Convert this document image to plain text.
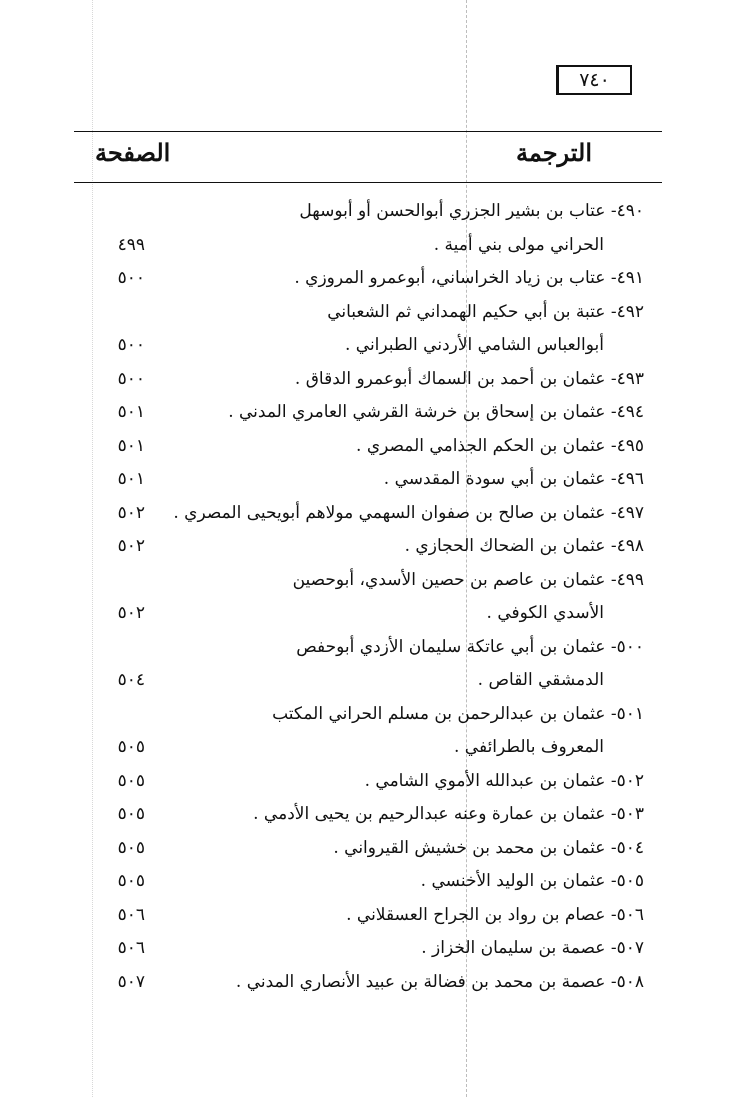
٧٤٠
الترجمة
الصفحة
٤٩٠- عتاب بن بشير الجزري أبوالحسن أو أبوسهل
الحراني مولى بني أمية .
٤٩٩
٤٩١- عتاب بن زياد الخراساني، أبوعمرو المروزي .
٥٠٠
٤٩٢- عتبة بن أبي حكيم الهمداني ثم الشعباني
أبوالعباس الشامي الأردني الطبراني .
٥٠٠
٤٩٣- عثمان بن أحمد بن السماك أبوعمرو الدقاق .
٥٠٠
٤٩٤- عثمان بن إسحاق بن خرشة القرشي العامري المدني .
٥٠١
٤٩٥- عثمان بن الحكم الجذامي المصري .
٥٠١
٤٩٦- عثمان بن أبي سودة المقدسي .
٥٠١
٤٩٧- عثمان بن صالح بن صفوان السهمي مولاهم أبويحيى المصري .
٥٠٢
٤٩٨- عثمان بن الضحاك الحجازي .
٥٠٢
٤٩٩- عثمان بن عاصم بن حصين الأسدي، أبوحصين
الأسدي الكوفي .
٥٠٢
٥٠٠- عثمان بن أبي عاتكة سليمان الأزدي أبوحفص
الدمشقي القاص .
٥٠٤
٥٠١- عثمان بن عبدالرحمن بن مسلم الحراني المكتب
المعروف بالطرائفي .
٥٠٥
٥٠٢- عثمان بن عبدالله الأموي الشامي .
٥٠٥
٥٠٣- عثمان بن عمارة وعنه عبدالرحيم بن يحيى الأدمي .
٥٠٥
٥٠٤- عثمان بن محمد بن خشيش القيرواني .
٥٠٥
٥٠٥- عثمان بن الوليد الأخنسي .
٥٠٥
٥٠٦- عصام بن رواد بن الجراح العسقلاني .
٥٠٦
٥٠٧- عصمة بن سليمان الخزاز .
٥٠٦
٥٠٨- عصمة بن محمد بن فضالة بن عبيد الأنصاري المدني .
٥٠٧
